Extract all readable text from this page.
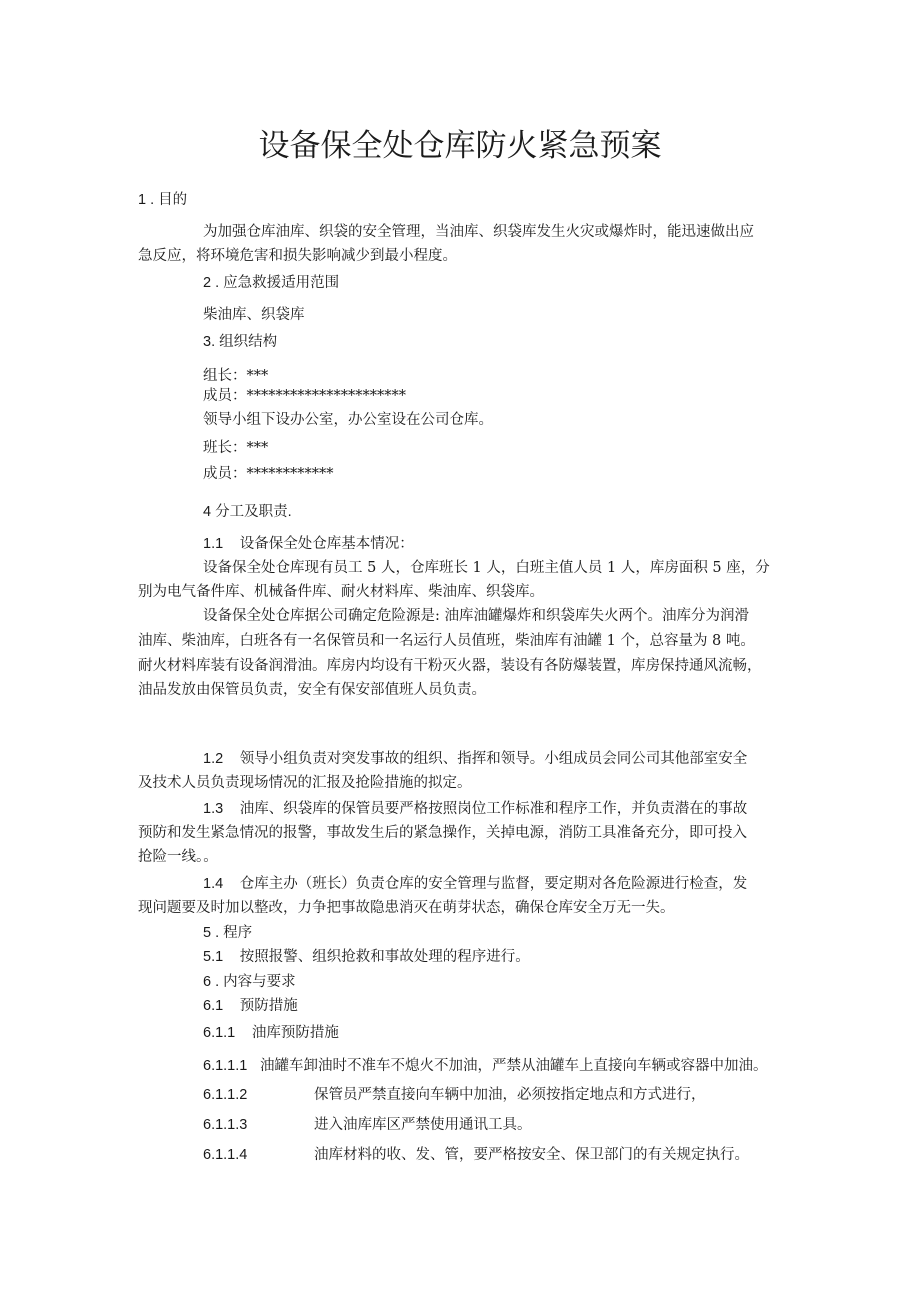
设备保全处仓库防火紧急预案
1 . 目的
为加强仓库油库、织袋的安全管理，当油库、织袋库发生火灾或爆炸时，能迅速做出应
急反应，将环境危害和损失影响减少到最小程度。
2 . 应急救援适用范围
柴油库、织袋库
3. 组织结构
组长：***
成员：**********************
领导小组下设办公室，办公室设在公司仓库。
班长：***
成员：************
4 分工及职责.
1.1 设备保全处仓库基本情况：
设备保全处仓库现有员工 5 人，仓库班长 1 人，白班主值人员 1 人，库房面积 5 座，分
别为电气备件库、机械备件库、耐火材料库、柴油库、织袋库。
设备保全处仓库据公司确定危险源是: 油库油罐爆炸和织袋库失火两个。油库分为润滑
油库、柴油库，白班各有一名保管员和一名运行人员值班，柴油库有油罐 1 个，总容量为 8 吨。
耐火材料库装有设备润滑油。库房内均设有干粉灭火器，装设有各防爆装置，库房保持通风流畅，
油品发放由保管员负责，安全有保安部值班人员负责。
1.2 领导小组负责对突发事故的组织、指挥和领导。小组成员会同公司其他部室安全
及技术人员负责现场情况的汇报及抢险措施的拟定。
1.3 油库、织袋库的保管员要严格按照岗位工作标准和程序工作，并负责潜在的事故
预防和发生紧急情况的报警，事故发生后的紧急操作，关掉电源，消防工具准备充分，即可投入
抢险一线。。
1.4 仓库主办（班长）负责仓库的安全管理与监督，要定期对各危险源进行检查，发
现问题要及时加以整改，力争把事故隐患消灭在萌芽状态，确保仓库安全万无一失。
5 . 程序
5.1 按照报警、组织抢救和事故处理的程序进行。
6 . 内容与要求
6.1 预防措施
6.1.1 油库预防措施
6.1.1.1 油罐车卸油时不准车不熄火不加油，严禁从油罐车上直接向车辆或容器中加油。
6.1.1.2	保管员严禁直接向车辆中加油，必须按指定地点和方式进行，
6.1.1.3	进入油库库区严禁使用通讯工具。
6.1.1.4	油库材料的收、发、管，要严格按安全、保卫部门的有关规定执行。
